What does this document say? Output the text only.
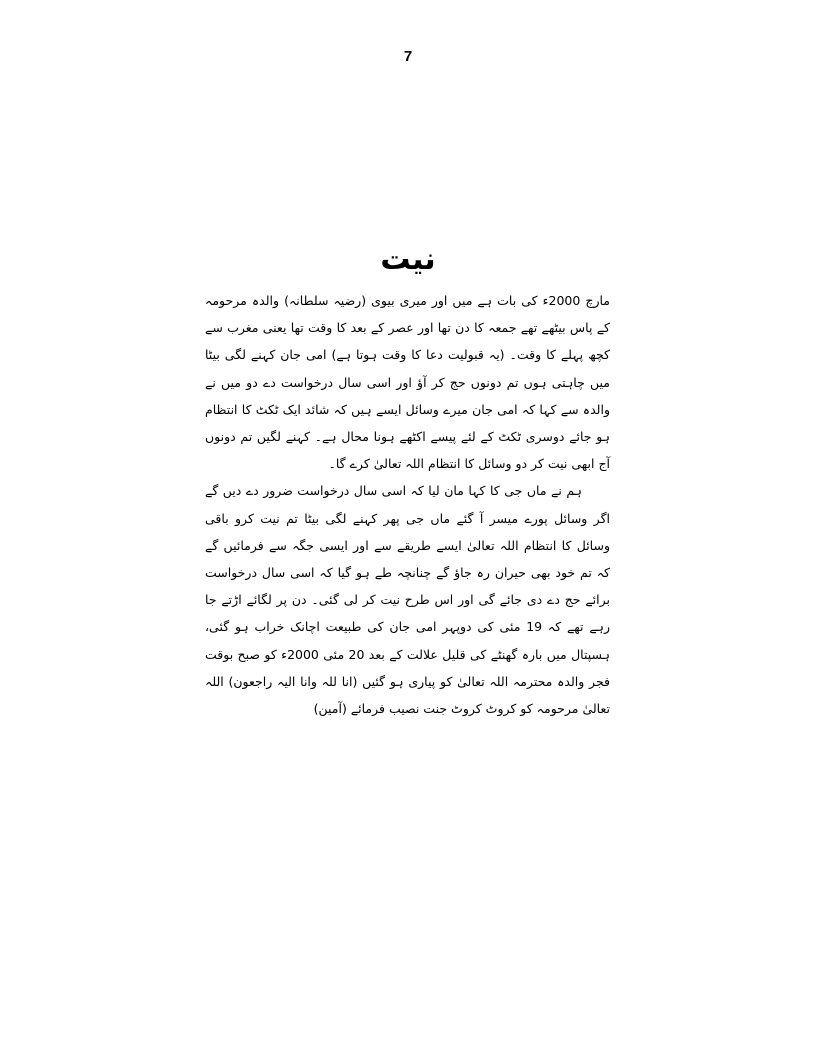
7
نیت

مارچ 2000ء کی بات ہے میں اور میری بیوی (رضیہ سلطانہ) والدہ مرحومہ کے پاس بیٹھے تھے جمعہ کا دن تھا اور عصر کے بعد کا وقت تھا یعنی مغرب سے کچھ پہلے کا وقت۔ (یہ قبولیت دعا کا وقت ہوتا ہے) امی جان کہنے لگی بیٹا میں چاہتی ہوں تم دونوں حج کر آؤ اور اسی سال درخواست دے دو میں نے والدہ سے کہا کہ امی جان میرے وسائل ایسے ہیں کہ شائد ایک ٹکٹ کا انتظام ہو جائے دوسری ٹکٹ کے لئے پیسے اکٹھے ہونا محال ہے۔ کہنے لگیں تم دونوں آج ابھی نیت کر دو وسائل کا انتظام اللہ تعالیٰ کرے گا۔

ہم نے ماں جی کا کہا مان لیا کہ اسی سال درخواست ضرور دے دیں گے اگر وسائل پورے میسر آ گئے ماں جی پھر کہنے لگی بیٹا تم نیت کرو باقی وسائل کا انتظام اللہ تعالیٰ ایسے طریقے سے اور ایسی جگہ سے فرمائیں گے کہ تم خود بھی حیران رہ جاؤ گے چنانچہ طے ہو گیا کہ اسی سال درخواست برائے حج دے دی جائے گی اور اس طرح نیت کر لی گئی۔ دن پر لگائے اڑتے جا رہے تھے کہ 19 مئی کی دوپہر امی جان کی طبیعت اچانک خراب ہو گئی، ہسپتال میں بارہ گھنٹے کی قلیل علالت کے بعد 20 مئی 2000ء کو صبح بوقت فجر والدہ محترمہ اللہ تعالیٰ کو پیاری ہو گئیں (انا للہ وانا الیہ راجعون) اللہ تعالیٰ مرحومہ کو کروٹ کروٹ جنت نصیب فرمائے (آمین)
